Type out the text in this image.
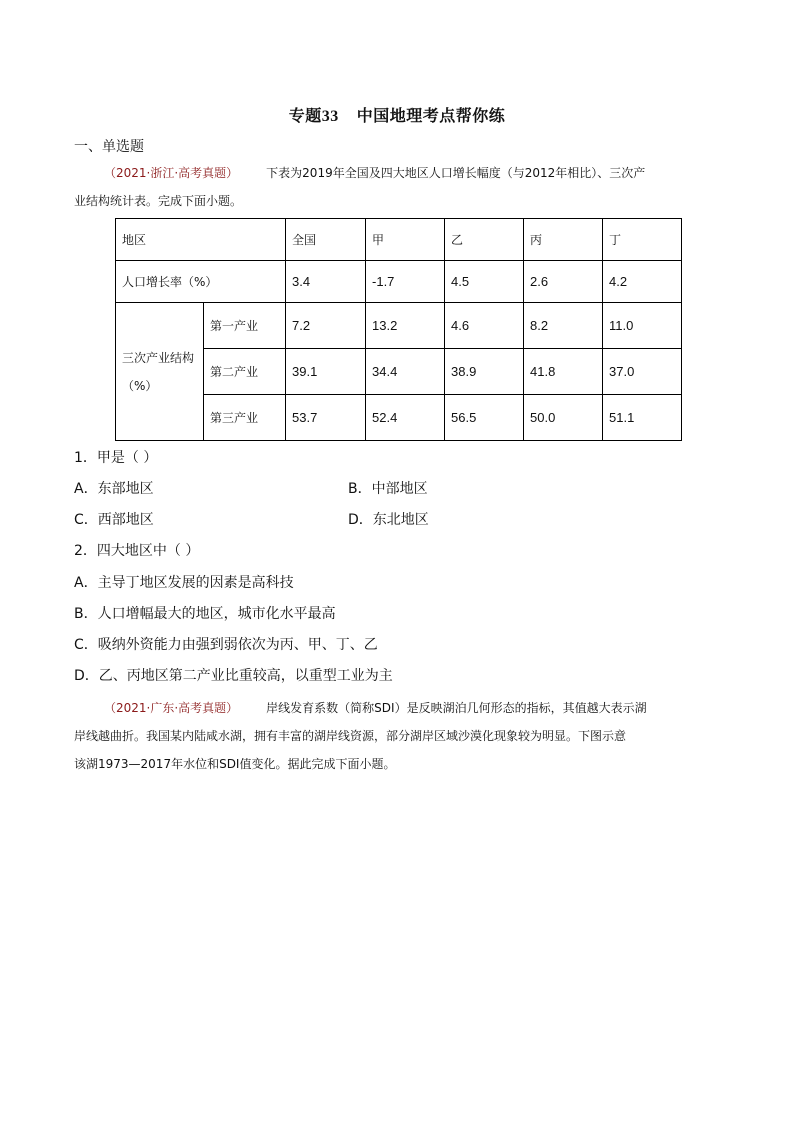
专题33 中国地理考点帮你练
一、单选题
（2021·浙江·高考真题） 下表为2019年全国及四大地区人口增长幅度（与2012年相比）、三次产
业结构统计表。完成下面小题。
地区		全国	甲	乙	丙	丁
人口增长率（%）		3.4	-1.7	4.5	2.6	4.2
三次产业结构（%）	第一产业	7.2	13.2	4.6	8.2	11.0
	第二产业	39.1	34.4	38.9	41.8	37.0
	第三产业	53.7	52.4	56.5	50.0	51.1
1．甲是（ ）
A．东部地区	B．中部地区
C．西部地区	D．东北地区
2．四大地区中（ ）
A．主导丁地区发展的因素是高科技
B．人口增幅最大的地区，城市化水平最高
C．吸纳外资能力由强到弱依次为丙、甲、丁、乙
D．乙、丙地区第二产业比重较高，以重型工业为主
（2021·广东·高考真题） 岸线发育系数（简称SDI）是反映湖泊几何形态的指标，其值越大表示湖
岸线越曲折。我国某内陆咸水湖，拥有丰富的湖岸线资源，部分湖岸区域沙漠化现象较为明显。下图示意
该湖1973—2017年水位和SDI值变化。据此完成下面小题。
